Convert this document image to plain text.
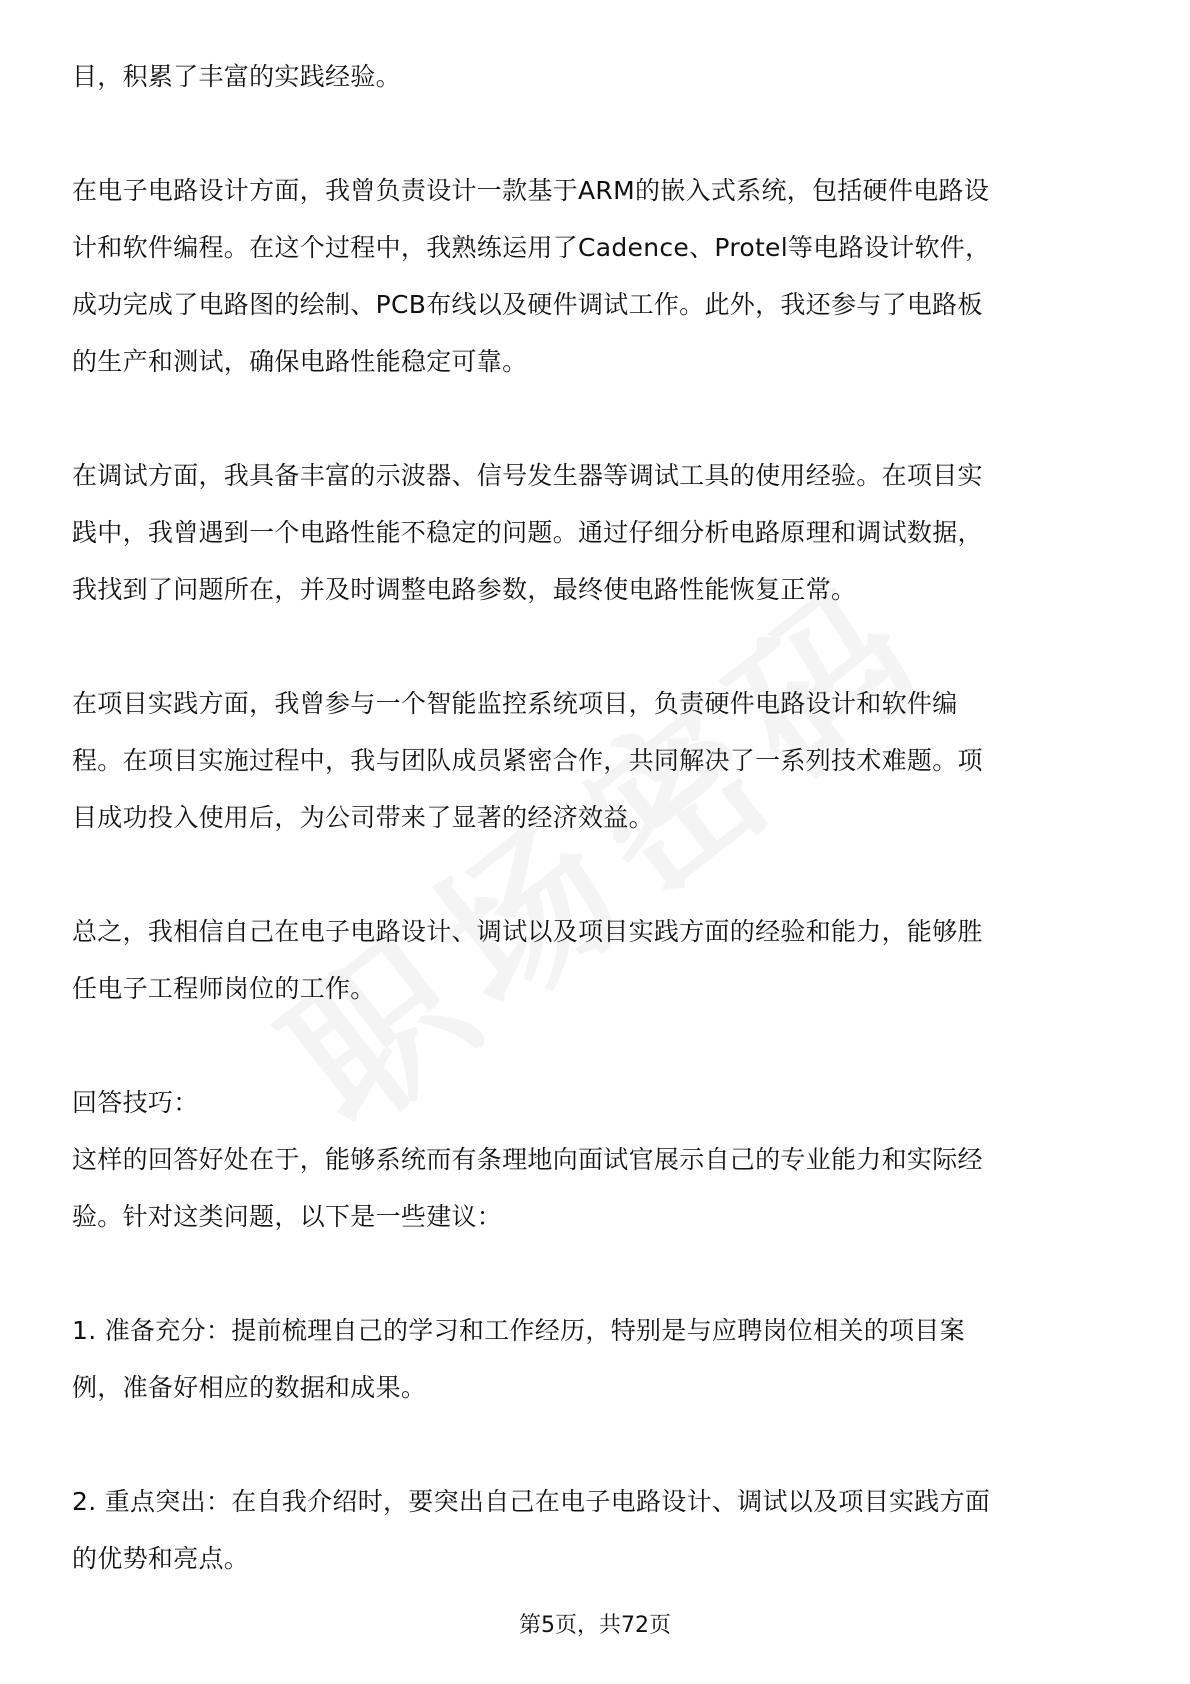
目，积累了丰富的实践经验。

在电子电路设计方面，我曾负责设计一款基于ARM的嵌入式系统，包括硬件电路设

计和软件编程。在这个过程中，我熟练运用了Cadence、Protel等电路设计软件，

成功完成了电路图的绘制、PCB布线以及硬件调试工作。此外，我还参与了电路板

的生产和测试，确保电路性能稳定可靠。

在调试方面，我具备丰富的示波器、信号发生器等调试工具的使用经验。在项目实

践中，我曾遇到一个电路性能不稳定的问题。通过仔细分析电路原理和调试数据，

我找到了问题所在，并及时调整电路参数，最终使电路性能恢复正常。

在项目实践方面，我曾参与一个智能监控系统项目，负责硬件电路设计和软件编

程。在项目实施过程中，我与团队成员紧密合作，共同解决了一系列技术难题。项

目成功投入使用后，为公司带来了显著的经济效益。

总之，我相信自己在电子电路设计、调试以及项目实践方面的经验和能力，能够胜

任电子工程师岗位的工作。

回答技巧：

这样的回答好处在于，能够系统而有条理地向面试官展示自己的专业能力和实际经

验。针对这类问题，以下是一些建议：

1. 准备充分：提前梳理自己的学习和工作经历，特别是与应聘岗位相关的项目案

例，准备好相应的数据和成果。

2. 重点突出：在自我介绍时，要突出自己在电子电路设计、调试以及项目实践方面

的优势和亮点。

第5页，共72页
